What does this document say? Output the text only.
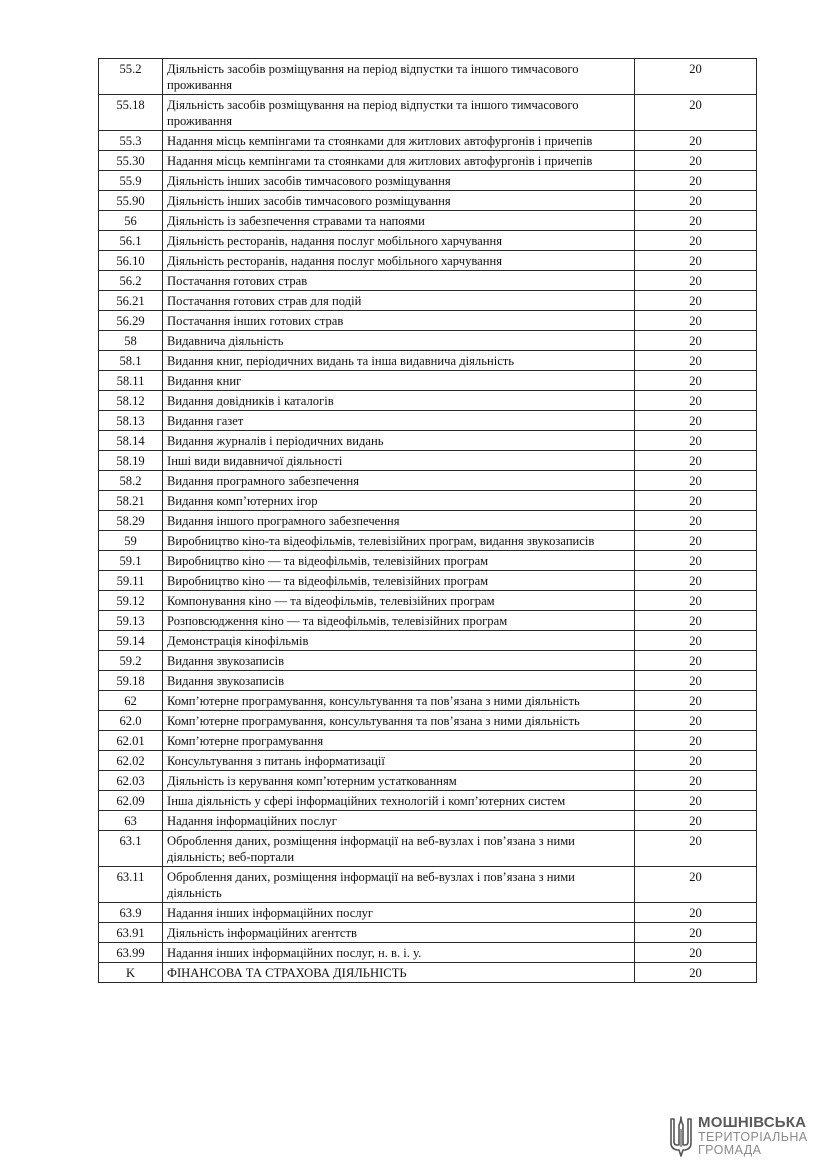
55.2	Діяльність засобів розміщування на період відпустки та іншого тимчасового проживання	20
55.18	Діяльність засобів розміщування на період відпустки та іншого тимчасового проживання	20
55.3	Надання місць кемпінгами та стоянками для житлових автофургонів і причепів	20
55.30	Надання місць кемпінгами та стоянками для житлових автофургонів і причепів	20
55.9	Діяльність інших засобів тимчасового розміщування	20
55.90	Діяльність інших засобів тимчасового розміщування	20
56	Діяльність із забезпечення стравами та напоями	20
56.1	Діяльність ресторанів, надання послуг мобільного харчування	20
56.10	Діяльність ресторанів, надання послуг мобільного харчування	20
56.2	Постачання готових страв	20
56.21	Постачання готових страв для подій	20
56.29	Постачання інших готових страв	20
58	Видавнича діяльність	20
58.1	Видання книг, періодичних видань та інша видавнича діяльність	20
58.11	Видання книг	20
58.12	Видання довідників і каталогів	20
58.13	Видання газет	20
58.14	Видання журналів і періодичних видань	20
58.19	Інші види видавничої діяльності	20
58.2	Видання програмного забезпечення	20
58.21	Видання комп’ютерних ігор	20
58.29	Видання іншого програмного забезпечення	20
59	Виробництво кіно-та відеофільмів, телевізійних програм, видання звукозаписів	20
59.1	Виробництво кіно — та відеофільмів, телевізійних програм	20
59.11	Виробництво кіно — та відеофільмів, телевізійних програм	20
59.12	Компонування кіно — та відеофільмів, телевізійних програм	20
59.13	Розповсюдження кіно — та відеофільмів, телевізійних програм	20
59.14	Демонстрація кінофільмів	20
59.2	Видання звукозаписів	20
59.18	Видання звукозаписів	20
62	Комп’ютерне програмування, консультування та пов’язана з ними діяльність	20
62.0	Комп’ютерне програмування, консультування та пов’язана з ними діяльність	20
62.01	Комп’ютерне програмування	20
62.02	Консультування з питань інформатизації	20
62.03	Діяльність із керування комп’ютерним устаткованням	20
62.09	Інша діяльність у сфері інформаційних технологій і комп’ютерних систем	20
63	Надання інформаційних послуг	20
63.1	Оброблення даних, розміщення інформації на веб-вузлах і пов’язана з ними діяльність; веб-портали	20
63.11	Оброблення даних, розміщення інформації на веб-вузлах і пов’язана з ними діяльність	20
63.9	Надання інших інформаційних послуг	20
63.91	Діяльність інформаційних агентств	20
63.99	Надання інших інформаційних послуг, н. в. і. у.	20
K	ФІНАНСОВА ТА СТРАХОВА ДІЯЛЬНІСТЬ	20
МОШНІВСЬКА
ТЕРИТОРІАЛЬНА
ГРОМАДА
